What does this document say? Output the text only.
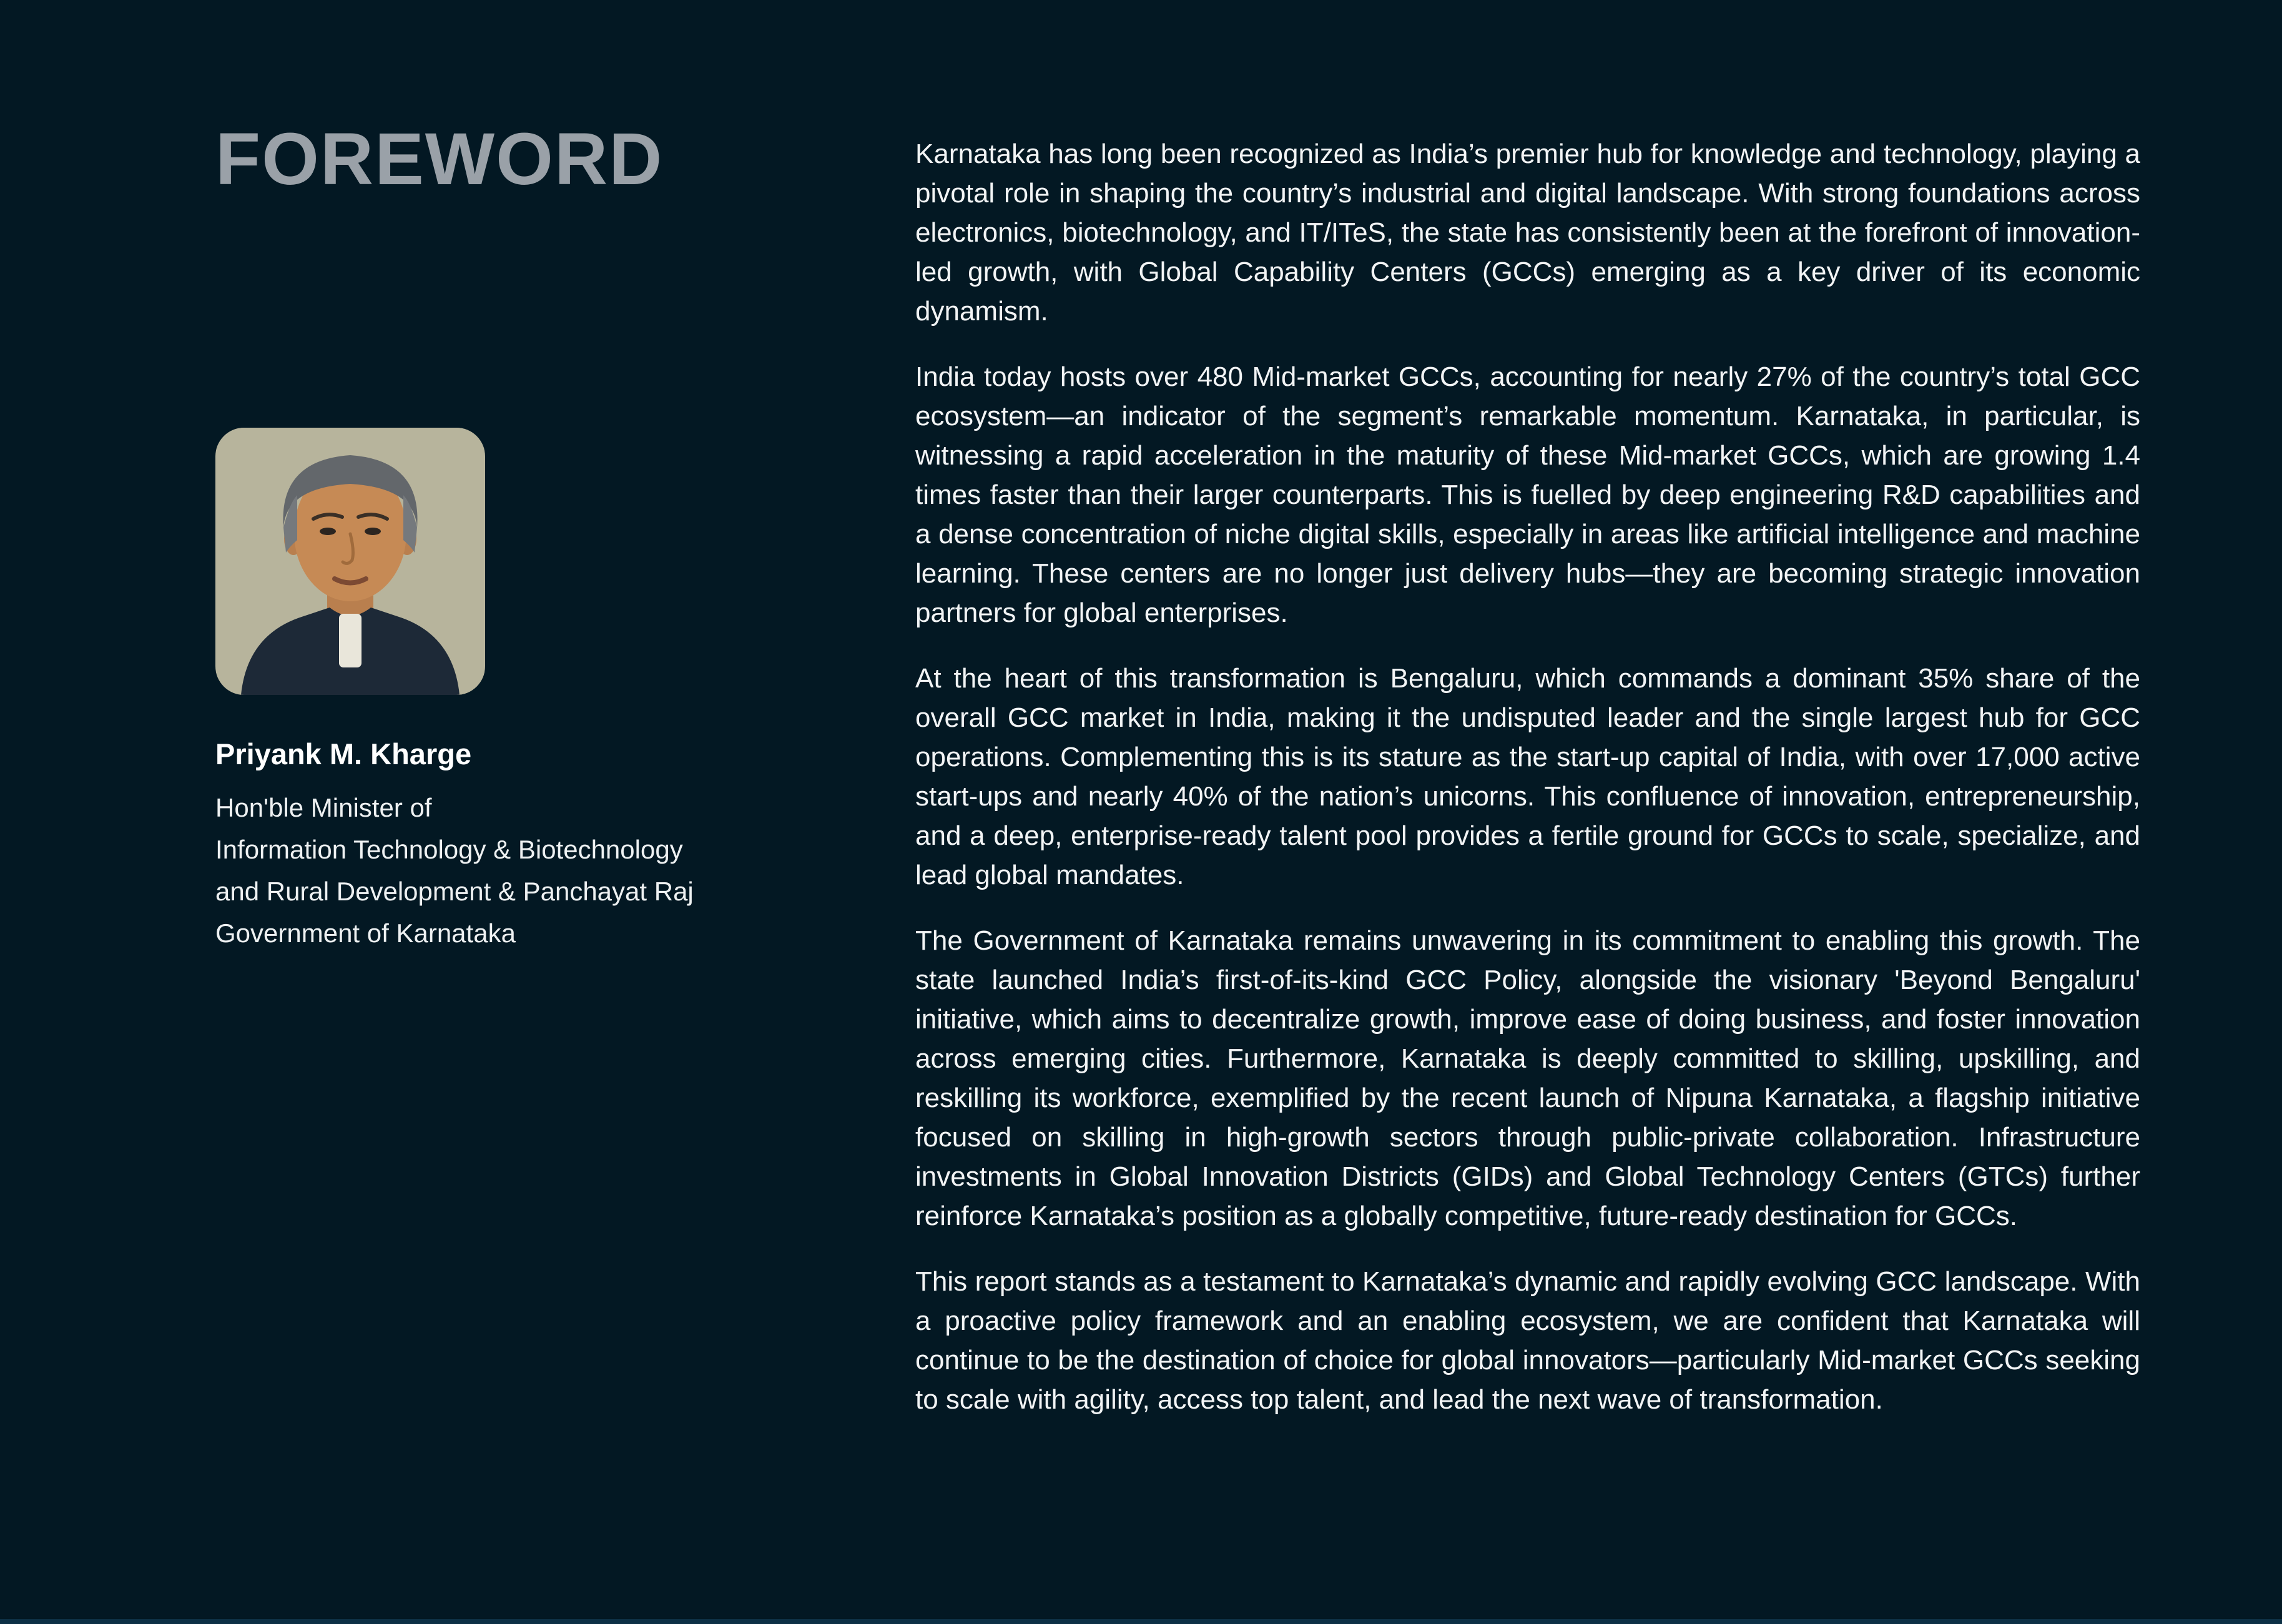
FOREWORD

Priyank M. Kharge

Hon'ble Minister of

Information Technology & Biotechnology

and Rural Development & Panchayat Raj

Government of Karnataka

Karnataka has long been recognized as India’s premier hub for knowledge and technology, playing a pivotal role in shaping the country’s industrial and digital landscape. With strong foundations across electronics, biotechnology, and IT/ITeS, the state has consistently been at the forefront of innovation-led growth, with Global Capability Centers (GCCs) emerging as a key driver of its economic dynamism.

India today hosts over 480 Mid-market GCCs, accounting for nearly 27% of the country’s total GCC ecosystem—an indicator of the segment’s remarkable momentum. Karnataka, in particular, is witnessing a rapid acceleration in the maturity of these Mid-market GCCs, which are growing 1.4 times faster than their larger counterparts. This is fuelled by deep engineering R&D capabilities and a dense concentration of niche digital skills, especially in areas like artificial intelligence and machine learning. These centers are no longer just delivery hubs—they are becoming strategic innovation partners for global enterprises.

At the heart of this transformation is Bengaluru, which commands a dominant 35% share of the overall GCC market in India, making it the undisputed leader and the single largest hub for GCC operations. Complementing this is its stature as the start-up capital of India, with over 17,000 active start-ups and nearly 40% of the nation’s unicorns. This confluence of innovation, entrepreneurship, and a deep, enterprise-ready talent pool provides a fertile ground for GCCs to scale, specialize, and lead global mandates.

The Government of Karnataka remains unwavering in its commitment to enabling this growth. The state launched India’s first-of-its-kind GCC Policy, alongside the visionary 'Beyond Bengaluru' initiative, which aims to decentralize growth, improve ease of doing business, and foster innovation across emerging cities. Furthermore, Karnataka is deeply committed to skilling, upskilling, and reskilling its workforce, exemplified by the recent launch of Nipuna Karnataka, a flagship initiative focused on skilling in high-growth sectors through public-private collaboration. Infrastructure investments in Global Innovation Districts (GIDs) and Global Technology Centers (GTCs) further reinforce Karnataka’s position as a globally competitive, future-ready destination for GCCs.

This report stands as a testament to Karnataka’s dynamic and rapidly evolving GCC landscape. With a proactive policy framework and an enabling ecosystem, we are confident that Karnataka will continue to be the destination of choice for global innovators—particularly Mid-market GCCs seeking to scale with agility, access top talent, and lead the next wave of transformation.
